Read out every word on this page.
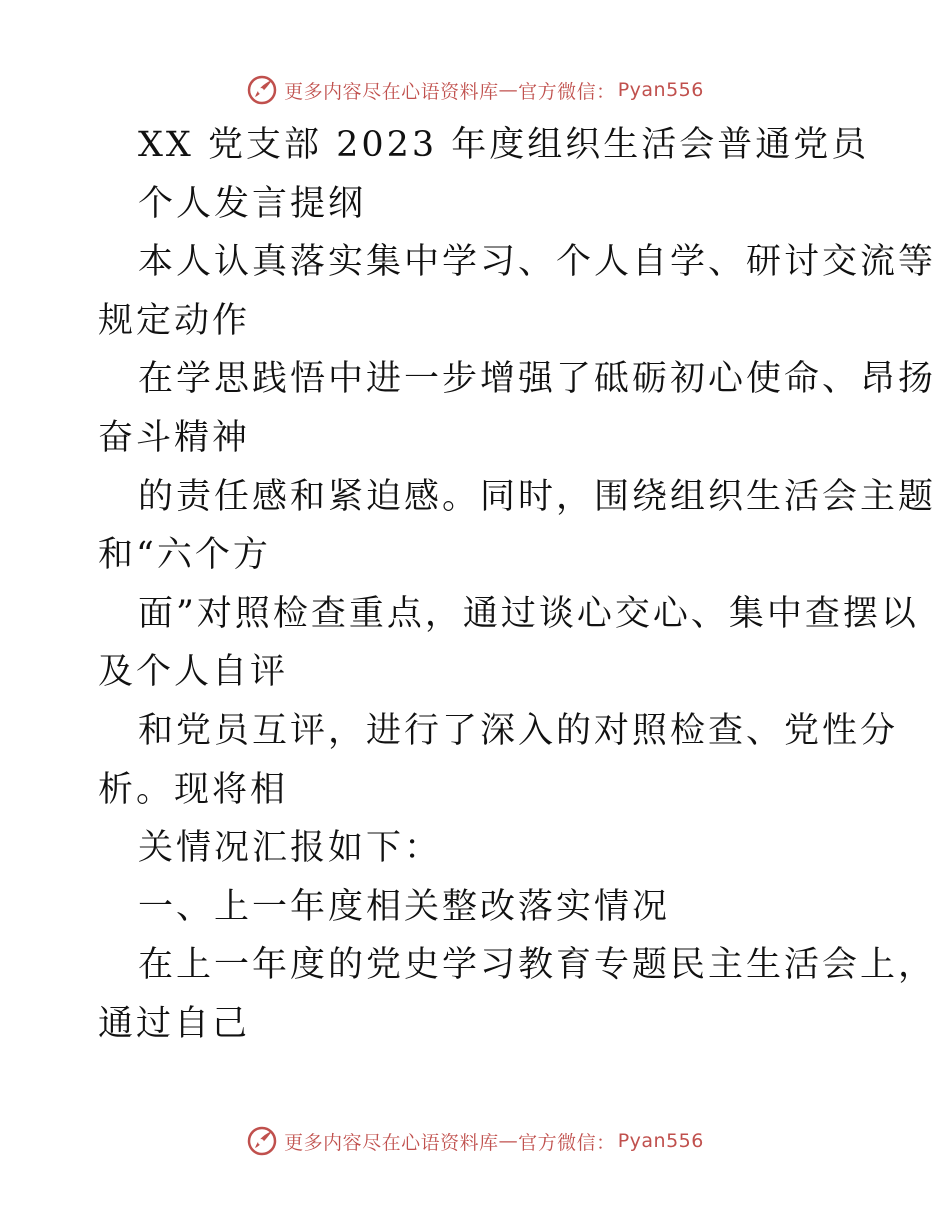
更多内容尽在心语资料库 — 官方微信： Pyan556
XX 党支部 2023 年度组织生活会普通党员
个人发言提纲
本人认真落实集中学习、个人自学、研讨交流等
规定动作
在学思践悟中进一步增强了砥砺初心使命、昂扬
奋斗精神
的责任感和紧迫感。同时，围绕组织生活会主题
和“六个方
面”对照检查重点，通过谈心交心、集中查摆以
及个人自评
和党员互评，进行了深入的对照检查、党性分
析。现将相
关情况汇报如下：
一、上一年度相关整改落实情况
在上一年度的党史学习教育专题民主生活会上，
通过自己
更多内容尽在心语资料库 — 官方微信： Pyan556
